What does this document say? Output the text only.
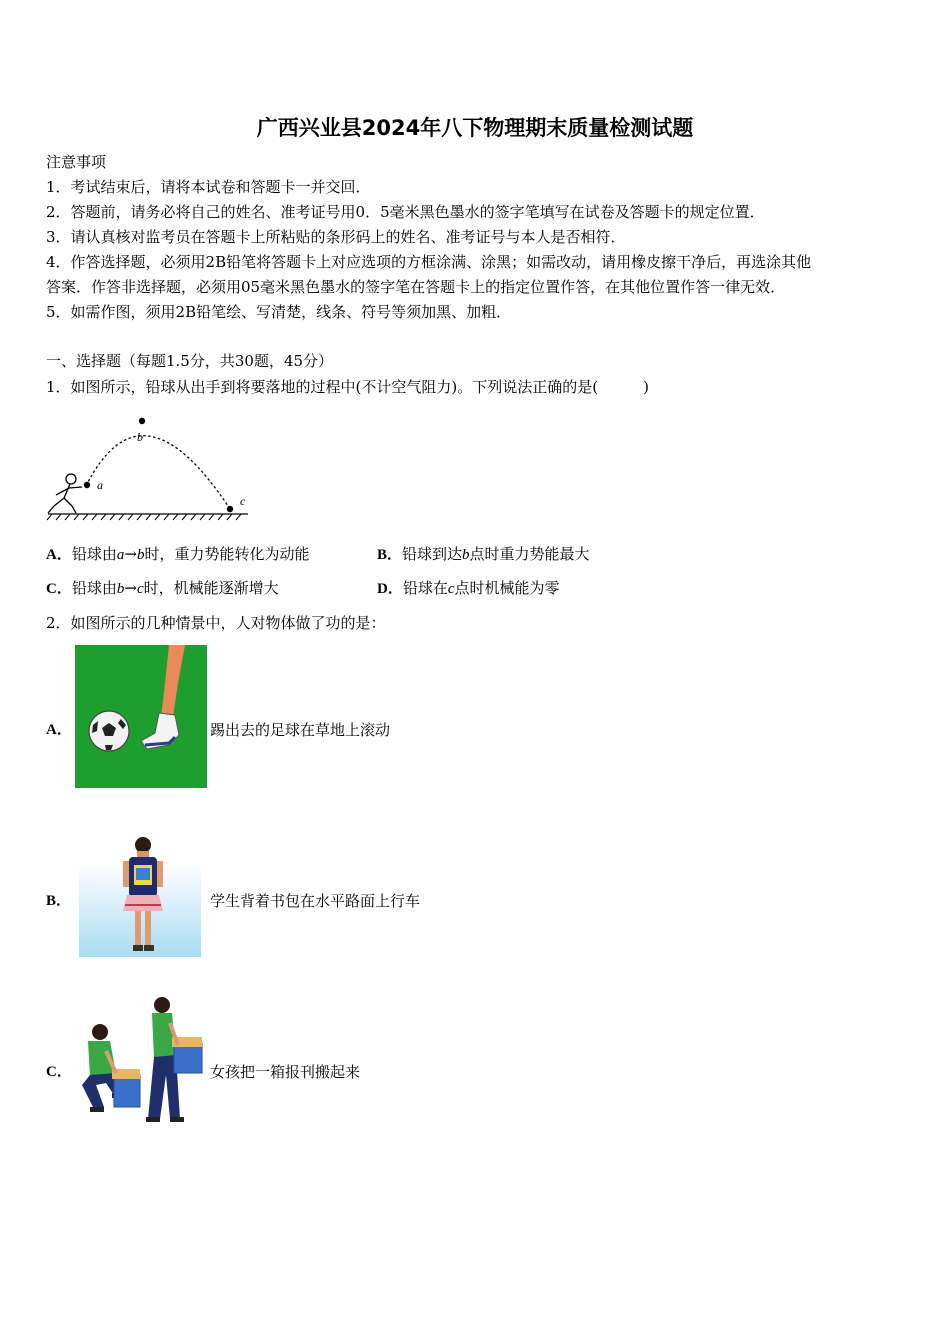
广西兴业县2024年八下物理期末质量检测试题
注意事项
1．考试结束后，请将本试卷和答题卡一并交回．
2．答题前，请务必将自己的姓名、准考证号用0．5毫米黑色墨水的签字笔填写在试卷及答题卡的规定位置．
3．请认真核对监考员在答题卡上所粘贴的条形码上的姓名、准考证号与本人是否相符．
4．作答选择题，必须用2B铅笔将答题卡上对应选项的方框涂满、涂黑；如需改动，请用橡皮擦干净后，再选涂其他
答案．作答非选择题，必须用05毫米黑色墨水的签字笔在答题卡上的指定位置作答，在其他位置作答一律无效．
5．如需作图，须用2B铅笔绘、写清楚，线条、符号等须加黑、加粗．
一、选择题（每题1.5分，共30题，45分）
1．如图所示，铅球从出手到将要落地的过程中(不计空气阻力)。下列说法正确的是(　　　)
a
b
c
A．铅球由a→b时，重力势能转化为动能	B．铅球到达b点时重力势能最大
C．铅球由b→c时，机械能逐渐增大	D．铅球在c点时机械能为零
2．如图所示的几种情景中，人对物体做了功的是：
A．	踢出去的足球在草地上滚动
B．	学生背着书包在水平路面上行车
C．	女孩把一箱报刊搬起来
